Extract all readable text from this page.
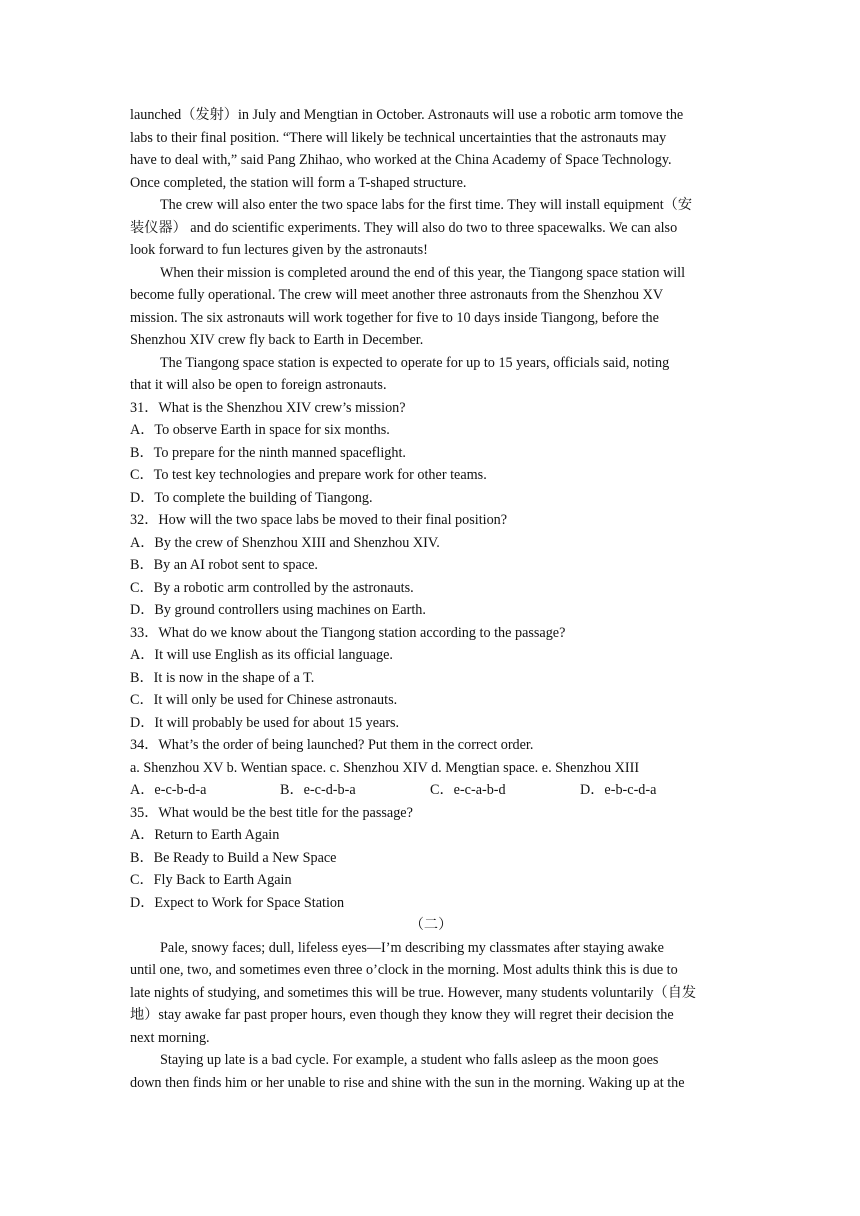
launched（发射）in July and Mengtian in October. Astronauts will use a robotic arm tomove the
labs to their final position. “There will likely be technical uncertainties that the astronauts may
have to deal with,” said Pang Zhihao, who worked at the China Academy of Space Technology.
Once completed, the station will form a T-shaped structure.
The crew will also enter the two space labs for the first time. They will install equipment（安
装仪器） and do scientific experiments. They will also do two to three spacewalks. We can also
look forward to fun lectures given by the astronauts!
When their mission is completed around the end of this year, the Tiangong space station will
become fully operational. The crew will meet another three astronauts from the Shenzhou XV
mission. The six astronauts will work together for five to 10 days inside Tiangong, before the
Shenzhou XIV crew fly back to Earth in December.
The Tiangong space station is expected to operate for up to 15 years, officials said, noting
that it will also be open to foreign astronauts.
31．What is the Shenzhou XIV crew’s mission?
A．To observe Earth in space for six months.
B．To prepare for the ninth manned spaceflight.
C．To test key technologies and prepare work for other teams.
D．To complete the building of Tiangong.
32．How will the two space labs be moved to their final position?
A．By the crew of Shenzhou XIII and Shenzhou XIV.
B．By an AI robot sent to space.
C．By a robotic arm controlled by the astronauts.
D．By ground controllers using machines on Earth.
33．What do we know about the Tiangong station according to the passage?
A．It will use English as its official language.
B．It is now in the shape of a T.
C．It will only be used for Chinese astronauts.
D．It will probably be used for about 15 years.
34．What’s the order of being launched? Put them in the correct order.
a. Shenzhou XV b. Wentian space. c. Shenzhou XIV d. Mengtian space. e. Shenzhou XIII
A．e-c-b-d-a	B．e-c-d-b-a	C．e-c-a-b-d	D．e-b-c-d-a
35．What would be the best title for the passage?
A．Return to Earth Again
B．Be Ready to Build a New Space
C．Fly Back to Earth Again
D．Expect to Work for Space Station
（二）
Pale, snowy faces; dull, lifeless eyes—I’m describing my classmates after staying awake
until one, two, and sometimes even three o’clock in the morning. Most adults think this is due to
late nights of studying, and sometimes this will be true. However, many students voluntarily（自发
地）stay awake far past proper hours, even though they know they will regret their decision the
next morning.
Staying up late is a bad cycle. For example, a student who falls asleep as the moon goes
down then finds him or her unable to rise and shine with the sun in the morning. Waking up at the
